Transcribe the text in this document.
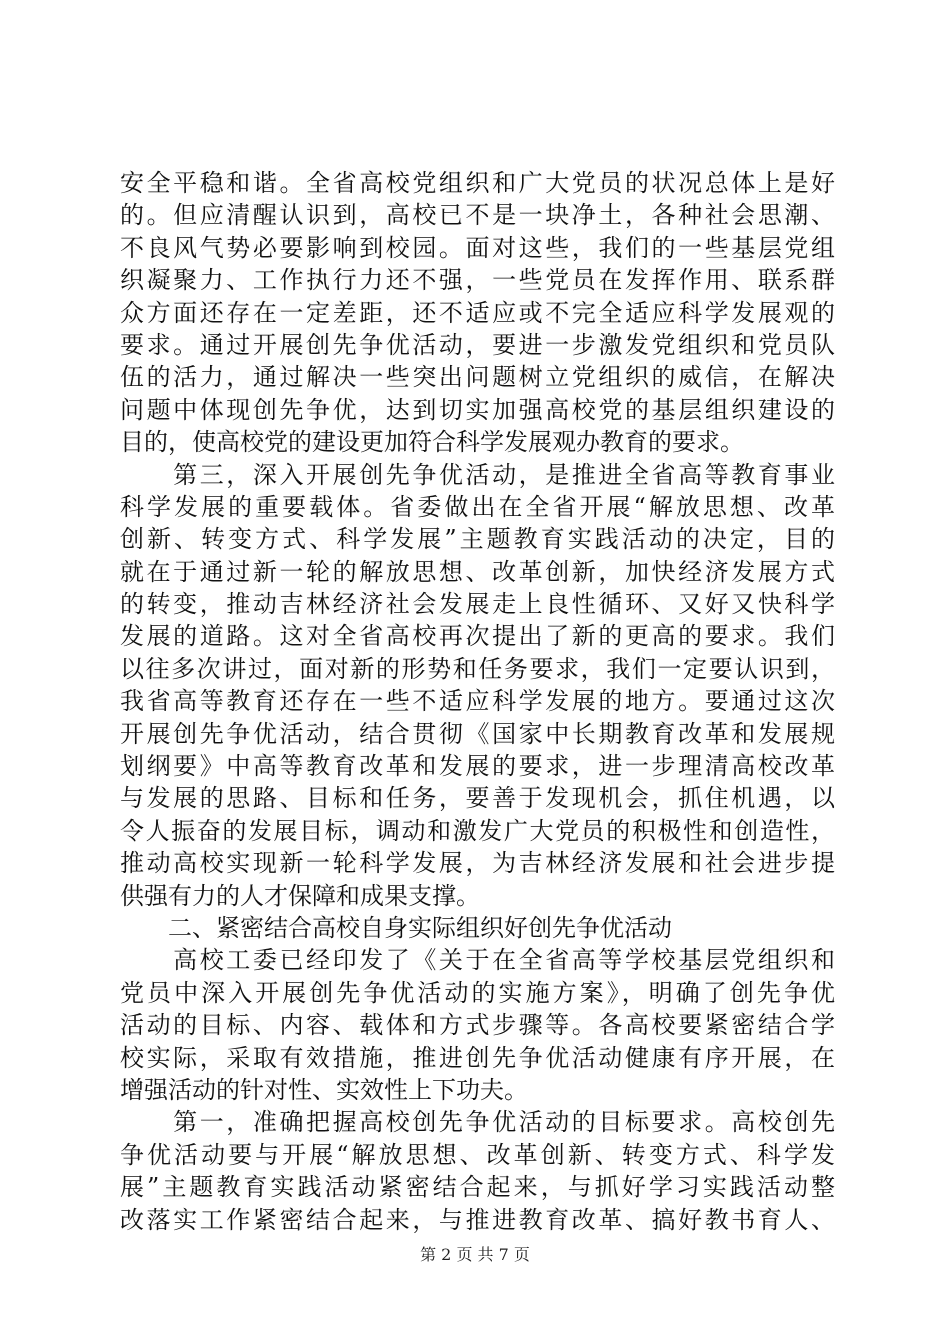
安全平稳和谐。全省高校党组织和广大党员的状况总体上是好
的。但应清醒认识到，高校已不是一块净土，各种社会思潮、
不良风气势必要影响到校园。面对这些，我们的一些基层党组
织凝聚力、工作执行力还不强，一些党员在发挥作用、联系群
众方面还存在一定差距，还不适应或不完全适应科学发展观的
要求。通过开展创先争优活动，要进一步激发党组织和党员队
伍的活力，通过解决一些突出问题树立党组织的威信，在解决
问题中体现创先争优，达到切实加强高校党的基层组织建设的
目的，使高校党的建设更加符合科学发展观办教育的要求。
　　第三，深入开展创先争优活动，是推进全省高等教育事业
科学发展的重要载体。省委做出在全省开展“解放思想、改革
创新、转变方式、科学发展”主题教育实践活动的决定，目的
就在于通过新一轮的解放思想、改革创新，加快经济发展方式
的转变，推动吉林经济社会发展走上良性循环、又好又快科学
发展的道路。这对全省高校再次提出了新的更高的要求。我们
以往多次讲过，面对新的形势和任务要求，我们一定要认识到，
我省高等教育还存在一些不适应科学发展的地方。要通过这次
开展创先争优活动，结合贯彻《国家中长期教育改革和发展规
划纲要》中高等教育改革和发展的要求，进一步理清高校改革
与发展的思路、目标和任务，要善于发现机会，抓住机遇，以
令人振奋的发展目标，调动和激发广大党员的积极性和创造性，
推动高校实现新一轮科学发展，为吉林经济发展和社会进步提
供强有力的人才保障和成果支撑。
　　二、紧密结合高校自身实际组织好创先争优活动
　　高校工委已经印发了《关于在全省高等学校基层党组织和
党员中深入开展创先争优活动的实施方案》，明确了创先争优
活动的目标、内容、载体和方式步骤等。各高校要紧密结合学
校实际，采取有效措施，推进创先争优活动健康有序开展，在
增强活动的针对性、实效性上下功夫。
　　第一，准确把握高校创先争优活动的目标要求。高校创先
争优活动要与开展“解放思想、改革创新、转变方式、科学发
展”主题教育实践活动紧密结合起来，与抓好学习实践活动整
改落实工作紧密结合起来，与推进教育改革、搞好教书育人、
第 2 页 共 7 页
